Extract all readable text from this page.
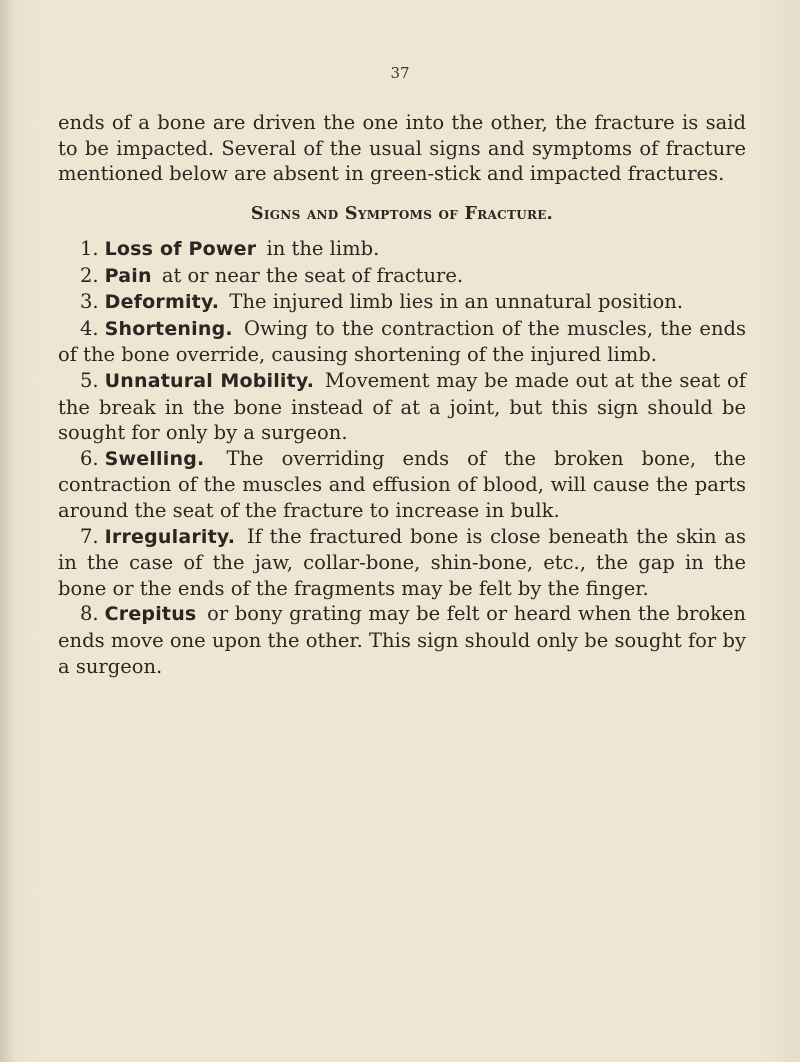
37

ends of a bone are driven the one into the other, the fracture is said to be impacted. Several of the usual signs and symptoms of fracture mentioned below are absent in green-stick and impacted fractures.

Signs and Symptoms of Fracture.
1. Loss of Power in the limb.
2. Pain at or near the seat of fracture.
3. Deformity. The injured limb lies in an unnatural position.
4. Shortening. Owing to the contraction of the muscles, the ends of the bone override, causing shortening of the injured limb.
5. Unnatural Mobility. Movement may be made out at the seat of the break in the bone instead of at a joint, but this sign should be sought for only by a surgeon.
6. Swelling. The overriding ends of the broken bone, the contraction of the muscles and effusion of blood, will cause the parts around the seat of the fracture to increase in bulk.
7. Irregularity. If the fractured bone is close beneath the skin as in the case of the jaw, collar-bone, shin-bone, etc., the gap in the bone or the ends of the fragments may be felt by the finger.
8. Crepitus or bony grating may be felt or heard when the broken ends move one upon the other. This sign should only be sought for by a surgeon.
